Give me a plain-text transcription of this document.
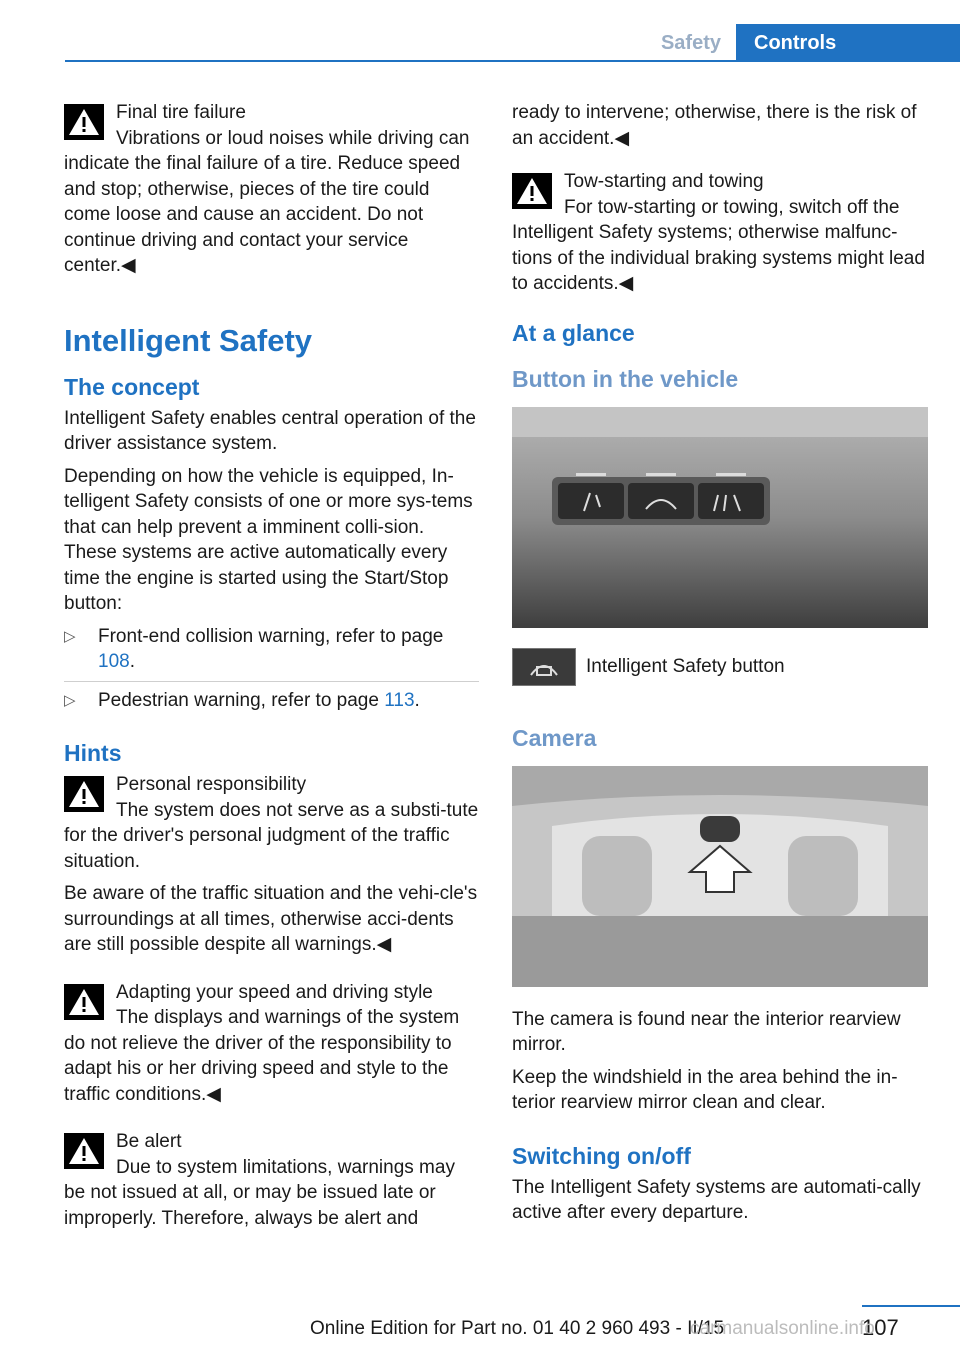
Safety	Controls
Final tire failure
Vibrations or loud noises while driving can indicate the final failure of a tire. Reduce speed and stop; otherwise, pieces of the tire could come loose and cause an accident. Do not continue driving and contact your service center.◀
Intelligent Safety
The concept

Intelligent Safety enables central operation of the driver assistance system.

Depending on how the vehicle is equipped, In‐telligent Safety consists of one or more sys‐tems that can help prevent a imminent colli‐sion. These systems are active automatically every time the engine is started using the Start/Stop button:

▷ Front-end collision warning, refer to page 108.
▷ Pedestrian warning, refer to page 113.
Hints
Personal responsibility

The system does not serve as a substi‐tute for the driver's personal judgment of the traffic situation.

Be aware of the traffic situation and the vehi‐cle's surroundings at all times, otherwise acci‐dents are still possible despite all warnings.◀

Adapting your speed and driving style
The displays and warnings of the system do not relieve the driver of the responsibility to adapt his or her driving speed and style to the traffic conditions.◀
Be alert
Due to system limitations, warnings may be not issued at all, or may be issued late or improperly. Therefore, always be alert and

ready to intervene; otherwise, there is the risk of an accident.◀

Tow-starting and towing
For tow-starting or towing, switch off the Intelligent Safety systems; otherwise malfunc‐tions of the individual braking systems might lead to accidents.◀
At a glance
Button in the vehicle
Intelligent Safety button
Camera

The camera is found near the interior rearview mirror.

Keep the windshield in the area behind the in‐terior rearview mirror clean and clear.

Switching on/off

The Intelligent Safety systems are automati‐cally active after every departure.

107
Online Edition for Part no. 01 40 2 960 493 - II/15
carmanualsonline.info
